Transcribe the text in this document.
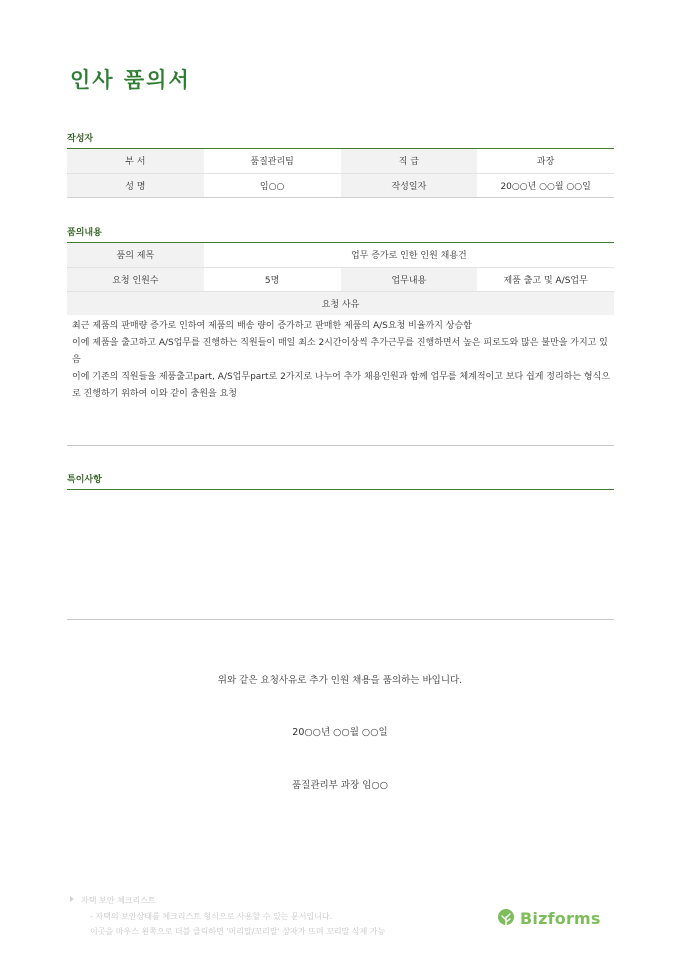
인사 품의서
작성자
부 서	품질관리팀	직 급	과장
성 명	임○○	작성일자	20○○년 ○○월 ○○일
품의내용
품의 제목	업무 증가로 인한 인원 채용건		
요청 인원수	5명	업무내용	제품 출고 및 A/S업무
요청 사유			

최근 제품의 판매량 증가로 인하여 제품의 배송 량이 증가하고 판매한 제품의 A/S요청 비율까지 상승함

이에 제품을 출고하고 A/S업무를 진행하는 직원들이 매일 최소 2시간이상씩 추가근무를 진행하면서 높은 피로도와 많은 불만을 가지고 있음

이에 기존의 직원들을 제품출고part, A/S업무part로 2가지로 나누어 추가 채용인원과 함께 업무를 체계적이고 보다 쉽게 정리하는 형식으로 진행하기 위하여 이와 같이 충원을 요청

특이사항
위와 같은 요청사유로 추가 인원 채용을 품의하는 바입니다.
20○○년 ○○월 ○○일
품질관리부 과장 임○○
자택 보안 체크리스트
- 자택의 보안상태를 체크리스트 형식으로 사용할 수 있는 문서입니다.
이곳을 마우스 왼쪽으로 더블 클릭하면 '머리말/꼬리말' 상자가 뜨며 꼬리말 삭제 가능
Bizforms
